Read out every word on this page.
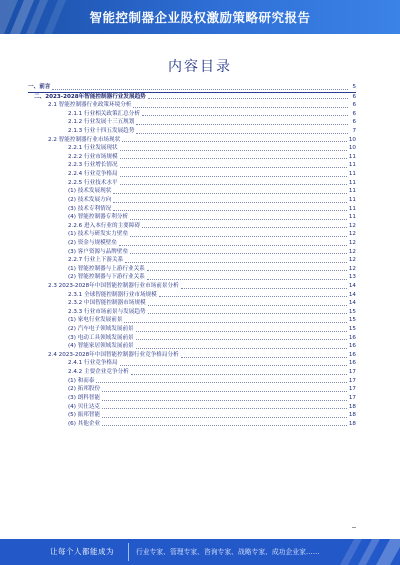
智能控制器企业股权激励策略研究报告
内容目录
一、前言	5
二、2023-2028年智能控制器行业发展趋势	6
2.1 智能控制器行业政策环境分析	6
2.1.1 行业相关政策汇总分析	6
2.1.2 行业发展十三五规划	6
2.1.3 行业十四五发展趋势	7
2.2 智能控制器行业市场现状	10
2.2.1 行业发展现状	10
2.2.2 行业市场规模	11
2.2.3 行业增长情况	11
2.2.4 行业竞争格局	11
2.2.5 行业技术水平	11
(1) 技术发展现状	11
(2) 技术发展方向	11
(3) 技术专利情况	11
(4) 智能控制器专利分析	11
2.2.6 进入本行业的主要障碍	12
(1) 技术与研发实力壁垒	12
(2) 资金与规模壁垒	12
(3) 客户资源与品牌壁垒	12
2.2.7 行业上下游关系	12
(1) 智能控制器与上游行业关系	12
(2) 智能控制器与下游行业关系	13
2.3 2023-2028年中国智能控制器行业市场前景分析	14
2.3.1 全球智能控制器行业市场规模	14
2.3.2 中国智能控制器市场规模	14
2.3.3 行业市场前景与发展趋势	15
(1) 家电行业发展前景	15
(2) 汽车电子领域发展前景	15
(3) 电动工具领域发展前景	16
(4) 智能家居领域发展前景	16
2.4 2023-2028年中国智能控制器行业竞争格局分析	16
2.4.1 行业竞争格局	16
2.4.2 主要企业竞争分析	17
(1) 和而泰	17
(2) 拓邦股份	17
(3) 朗科智能	17
(4) 贝仕达克	18
(5) 振邦智能	18
(6) 其他企业	18
让每个人都能成为	行业专家、管理专家、咨询专家、战略专家、成功企业家……
